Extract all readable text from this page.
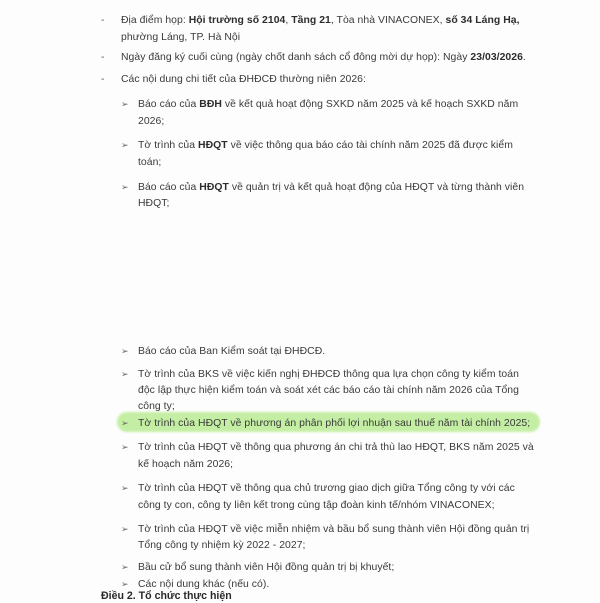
- Địa điểm họp: Hội trường số 2104, Tầng 21, Tòa nhà VINACONEX, số 34 Láng Hạ,
phường Láng, TP. Hà Nội
- Ngày đăng ký cuối cùng (ngày chốt danh sách cổ đông mời dự họp): Ngày 23/03/2026.
- Các nội dung chi tiết của ĐHĐCĐ thường niên 2026:
➢ Báo cáo của BĐH về kết quả hoạt động SXKD năm 2025 và kế hoạch SXKD năm
2026;
➢ Tờ trình của HĐQT về việc thông qua báo cáo tài chính năm 2025 đã được kiểm
toán;
➢ Báo cáo của HĐQT về quản trị và kết quả hoạt động của HĐQT và từng thành viên
HĐQT;
➢ Báo cáo của Ban Kiểm soát tại ĐHĐCĐ.
➢ Tờ trình của BKS về việc kiến nghị ĐHĐCĐ thông qua lựa chọn công ty kiểm toán
độc lập thực hiện kiểm toán và soát xét các báo cáo tài chính năm 2026 của Tổng
công ty;
➢ Tờ trình của HĐQT về phương án phân phối lợi nhuận sau thuế năm tài chính 2025;
➢ Tờ trình của HĐQT về thông qua phương án chi trả thù lao HĐQT, BKS năm 2025 và
kế hoạch năm 2026;
➢ Tờ trình của HĐQT về thông qua chủ trương giao dịch giữa Tổng công ty với các
công ty con, công ty liên kết trong cùng tập đoàn kinh tế/nhóm VINACONEX;
➢ Tờ trình của HĐQT về việc miễn nhiệm và bầu bổ sung thành viên Hội đồng quản trị
Tổng công ty nhiệm kỳ 2022 - 2027;
➢ Bầu cử bổ sung thành viên Hội đồng quản trị bị khuyết;
➢ Các nội dung khác (nếu có).
Điều 2. Tổ chức thực hiện
